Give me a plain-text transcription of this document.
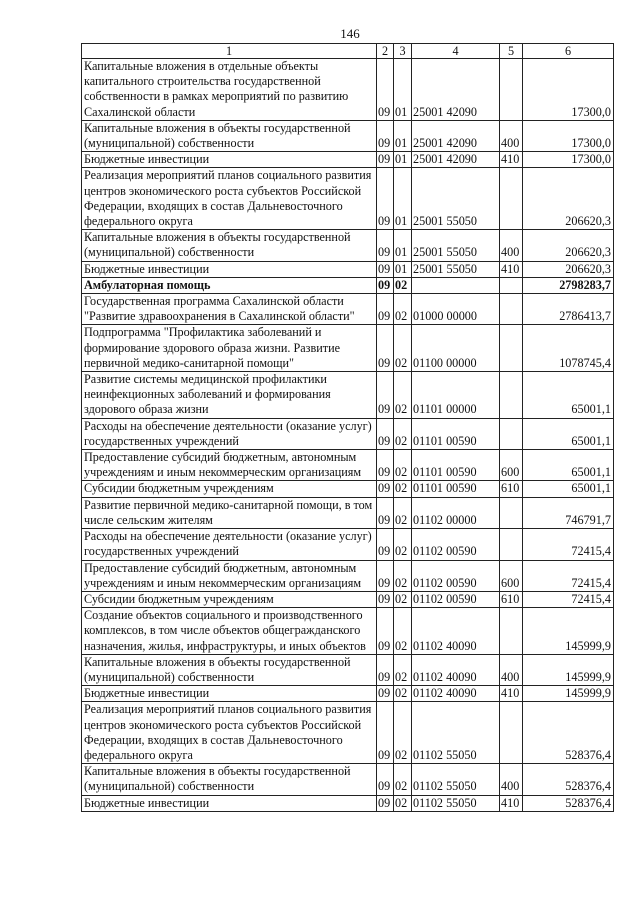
146
1	2	3	4	5	6
Капитальные вложения в отдельные объекты капитального строительства государственной собственности в рамках мероприятий по развитию Сахалинской области	09	01	25001 42090		17300,0
Капитальные вложения в объекты государственной (муниципальной) собственности	09	01	25001 42090	400	17300,0
Бюджетные инвестиции	09	01	25001 42090	410	17300,0
Реализация мероприятий планов социального развития центров экономического роста субъектов Российской Федерации, входящих в состав Дальневосточного федерального округа	09	01	25001 55050		206620,3
Капитальные вложения в объекты государственной (муниципальной) собственности	09	01	25001 55050	400	206620,3
Бюджетные инвестиции	09	01	25001 55050	410	206620,3
Амбулаторная помощь	09	02			2798283,7
Государственная программа Сахалинской области "Развитие здравоохранения в Сахалинской области"	09	02	01000 00000		2786413,7
Подпрограмма "Профилактика заболеваний и формирование здорового образа жизни. Развитие первичной медико-санитарной помощи"	09	02	01100 00000		1078745,4
Развитие системы медицинской профилактики неинфекционных заболеваний и формирования здорового образа жизни	09	02	01101 00000		65001,1
Расходы на обеспечение деятельности (оказание услуг) государственных учреждений	09	02	01101 00590		65001,1
Предоставление субсидий бюджетным, автономным учреждениям и иным некоммерческим организациям	09	02	01101 00590	600	65001,1
Субсидии бюджетным учреждениям	09	02	01101 00590	610	65001,1
Развитие первичной медико-санитарной помощи, в том числе сельским жителям	09	02	01102 00000		746791,7
Расходы на обеспечение деятельности (оказание услуг) государственных учреждений	09	02	01102 00590		72415,4
Предоставление субсидий бюджетным, автономным учреждениям и иным некоммерческим организациям	09	02	01102 00590	600	72415,4
Субсидии бюджетным учреждениям	09	02	01102 00590	610	72415,4
Создание объектов социального и производственного комплексов, в том числе объектов общегражданского назначения, жилья, инфраструктуры, и иных объектов	09	02	01102 40090		145999,9
Капитальные вложения в объекты государственной (муниципальной) собственности	09	02	01102 40090	400	145999,9
Бюджетные инвестиции	09	02	01102 40090	410	145999,9
Реализация мероприятий планов социального развития центров экономического роста субъектов Российской Федерации, входящих в состав Дальневосточного федерального округа	09	02	01102 55050		528376,4
Капитальные вложения в объекты государственной (муниципальной) собственности	09	02	01102 55050	400	528376,4
Бюджетные инвестиции	09	02	01102 55050	410	528376,4
